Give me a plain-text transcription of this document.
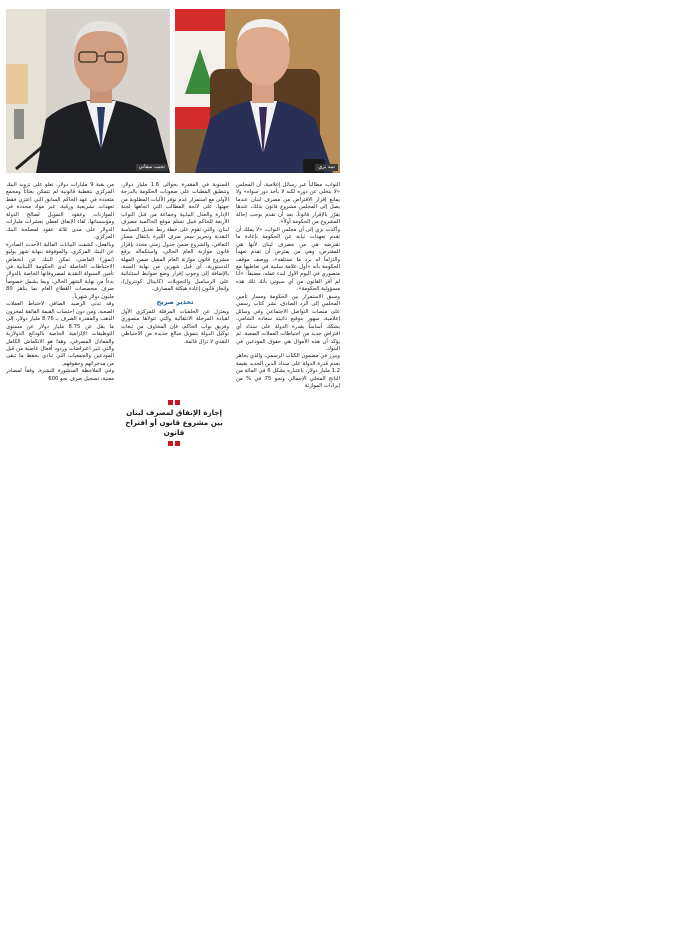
نجيب ميقاتي	نبيه بري

النواب، مطالباً عبر رسائل إعلامية، أن المجلس «لا يتخلى عن دوره لكنه لا يأخذ دور سواه» ولا يمانع إقرار الاقتراض من مصرف لبنان عندما يصل إلى المجلس مشروع قانون بذلك، عندها يقرّر بالإقرار قانوناً، بعد أن تقدم بوجب إحالة المشروع من الحكومة أولاً».

وأكدت بري إلى أن مجلس النواب، «لا يملك أن يقدم تعهدات نيابة عن الحكومة بإعادة ما تقترضه هي من مصرف لبنان لأنها هي المقترض، وهي من يفترض أن تقدم تعهداً والتزاماً له برد ما تستلفه»، ووصف موقف الحكومة بأنه «أول علامة سلبية في تعاطيها مع منصوري في اليوم الأول لبدء عمله، مضيفاً: «أنا لم أقر القانون من أي سيوتي بأنك تلك هذه مسؤولية الحكومة».

وسبق الاستمرار بين الحكومة ومسار تأمين المجلس إلى الرد الصادق، نشر كتاب رسمي على منصات التواصل الاجتماعي وفي وسائل إعلامية، سهور بتوقيع ذاتيته سعادة الشامي، يشكك أساساً بقدرة الدولة على سداد أي اقتراض جديد من احتياطات العملات الصعبة. ثم يؤكد أن هذه الأموال هي حقوق المودعين في البنوك.

ويبرز في مضمون الكتاب الرسمي، والذي يجاهر بعدم قدرة الدولة على سداد الدين الجديد بقيمة 1.2 مليار دولار، باعتباره يشكل 6 في المائة من الناتج المحلي الإجمالي ونحو 75 في % من إيرادات الموازنة

السنوية في المقدرة بحوالى 1.6 مليار دولار، وتنطبق المطبات على صعوبات الحكومة بالدرجة الأولى مع استمرار عدم توفر الآليات المطلوبة من جهتها، على لائحة المطالب التي اتجاهها لجنة الإدارة والعدل النيابية وجماعة من قبل النواب الأربعة للحاكم قبيل تسلم موقع الحاكمية مصرف لبنان، والتي تقوم على خطة ربط تعديل السياسة النقدية وتحرير سعر صرف الليرة بانتقال مسار التعافي، والشروع ضمن جدول زمني محدد بإقرار قانون موازنة العام الحالي، واستكماله برفع مشروع قانون موازنة العام المقبل ضمن المهلة الدستورية، أي قبل شهرين من نهاية السنة، بالإضافة إلى وجوب إقرار وضع ضوابط استثنائية على الرساميل والتحويلات (كابيتال كونترول)، وإنجاز قانون إعادة هيكلة المصارف.

تحذير صريح

ويعتزل عن الحلفيات المرقلة للمركزي الأول لقيادة المرحلة الانتقالية والتي تتولاها منصوري وفريق نواب الحاكم، فإن المخاوف من تبعات توكيل الدولة بتمويل مبالغ جديدة من الاحتياطي النقدي لا تزال قائمة.

إجازة الإنفاق لمصرف لبنان بين مشروع قانون أو اقتراح قانون

من بقية 9 مليارات دولار، تعلو على تزويد البنك المركزي بتغطية قانونية لم تتمكن بعثاتاً ومجمع متعددة في عهد الحاكم السابق التي اعتزن فقط تعهدات تشريعية ورقية، عبر مواد محددة في الموازنات وعقود التمويل لصالح الدولة ومؤسساتها، لقاء الإنفاق لغطي بعشرات مليارات الدولار على مدى ثلاثة عقود لمصلحة البنك المركزي.

وبالفعل، كشفت البيانات المالية الأحدث الصادرة عن البنك المركزي، والموقوفة بنهاية شهر يوليو (تموز) الماضي، تمكن البنك عن انخفاض الاحتياطات الحاصلة لدى الحكومة اللبنانية في تأمين السيولة النقدية لمصروفاتها الخاصة بالدولار بدءاً من نهاية الشهر الحالي، وبما يشمل خصوصاً صرف مخصصات القطاع العام بما يناهز 80 مليون دولار شهرياً.

وقد تدنى الرصيد الصافي لاحتياط العملات الصعبة، ومن دون احتساب القيمة الفائقة لمخزون الذهب والمقدرة الصرف بـ 8.76 مليار دولار، إلى ما يقل عن 8.75 مليار دولار عن مستوى التوظيفات الإلزامية الخاصة بالودائع الدولارية والمعادل المصرفي، وهذا هو الانكماش الكامل والتي تثير اعتراضات وردود أفعال غاضبة من قبل المودعين والجمعيات التي تنادي بحفظ ما تبقى من مدخراتهم وحقوقهم.

وفي الملاحظة المنشورة للنشرة، وفقاً لمصادر معنية، تسجيل صرف نحو 600
